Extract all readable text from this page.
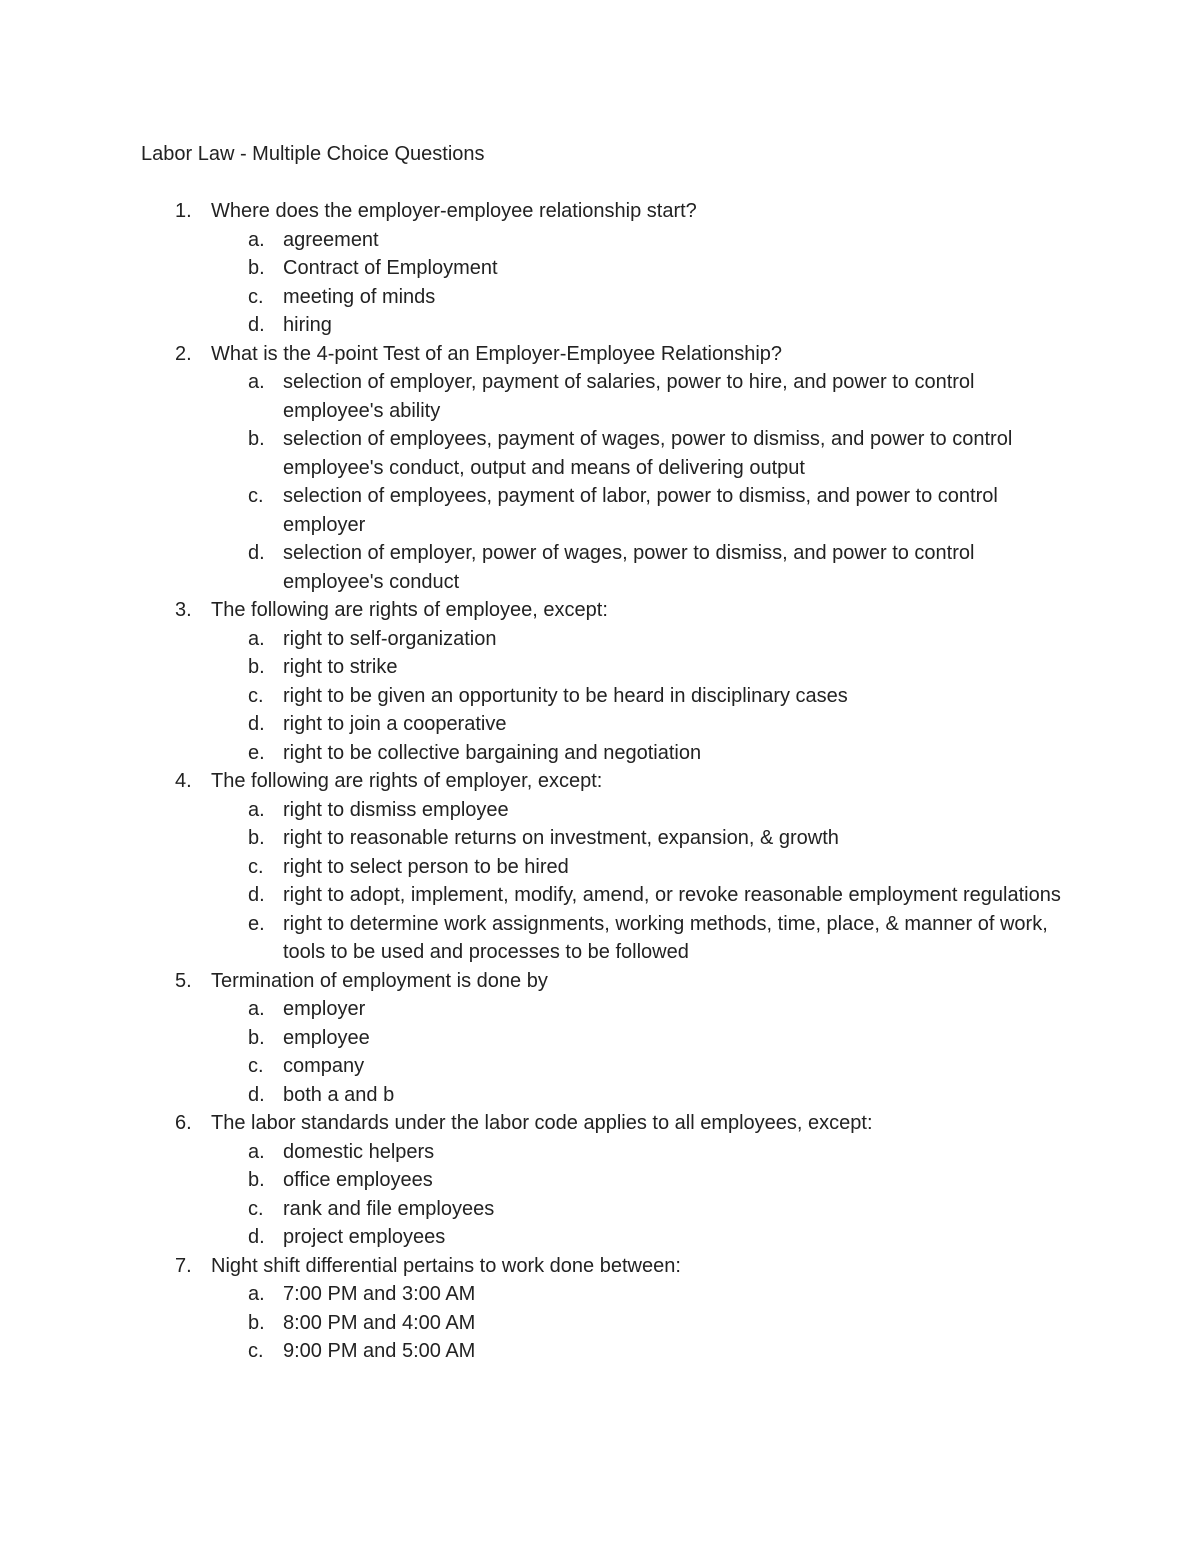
Labor Law - Multiple Choice Questions
1. Where does the employer-employee relationship start?
a. agreement
b. Contract of Employment
c. meeting of minds
d. hiring
2. What is the 4-point Test of an Employer-Employee Relationship?
a. selection of employer, payment of salaries, power to hire, and power to control employee's ability
b. selection of employees, payment of wages, power to dismiss, and power to control employee's conduct, output and means of delivering output
c. selection of employees, payment of labor, power to dismiss, and power to control employer
d. selection of employer, power of wages, power to dismiss, and power to control employee's conduct
3. The following are rights of employee, except:
a. right to self-organization
b. right to strike
c. right to be given an opportunity to be heard in disciplinary cases
d. right to join a cooperative
e. right to be collective bargaining and negotiation
4. The following are rights of employer, except:
a. right to dismiss employee
b. right to reasonable returns on investment, expansion, & growth
c. right to select person to be hired
d. right to adopt, implement, modify, amend, or revoke reasonable employment regulations
e. right to determine work assignments, working methods, time, place, & manner of work, tools to be used and processes to be followed
5. Termination of employment is done by
a. employer
b. employee
c. company
d. both a and b
6. The labor standards under the labor code applies to all employees, except:
a. domestic helpers
b. office employees
c. rank and file employees
d. project employees
7. Night shift differential pertains to work done between:
a. 7:00 PM and 3:00 AM
b. 8:00 PM and 4:00 AM
c. 9:00 PM and 5:00 AM
